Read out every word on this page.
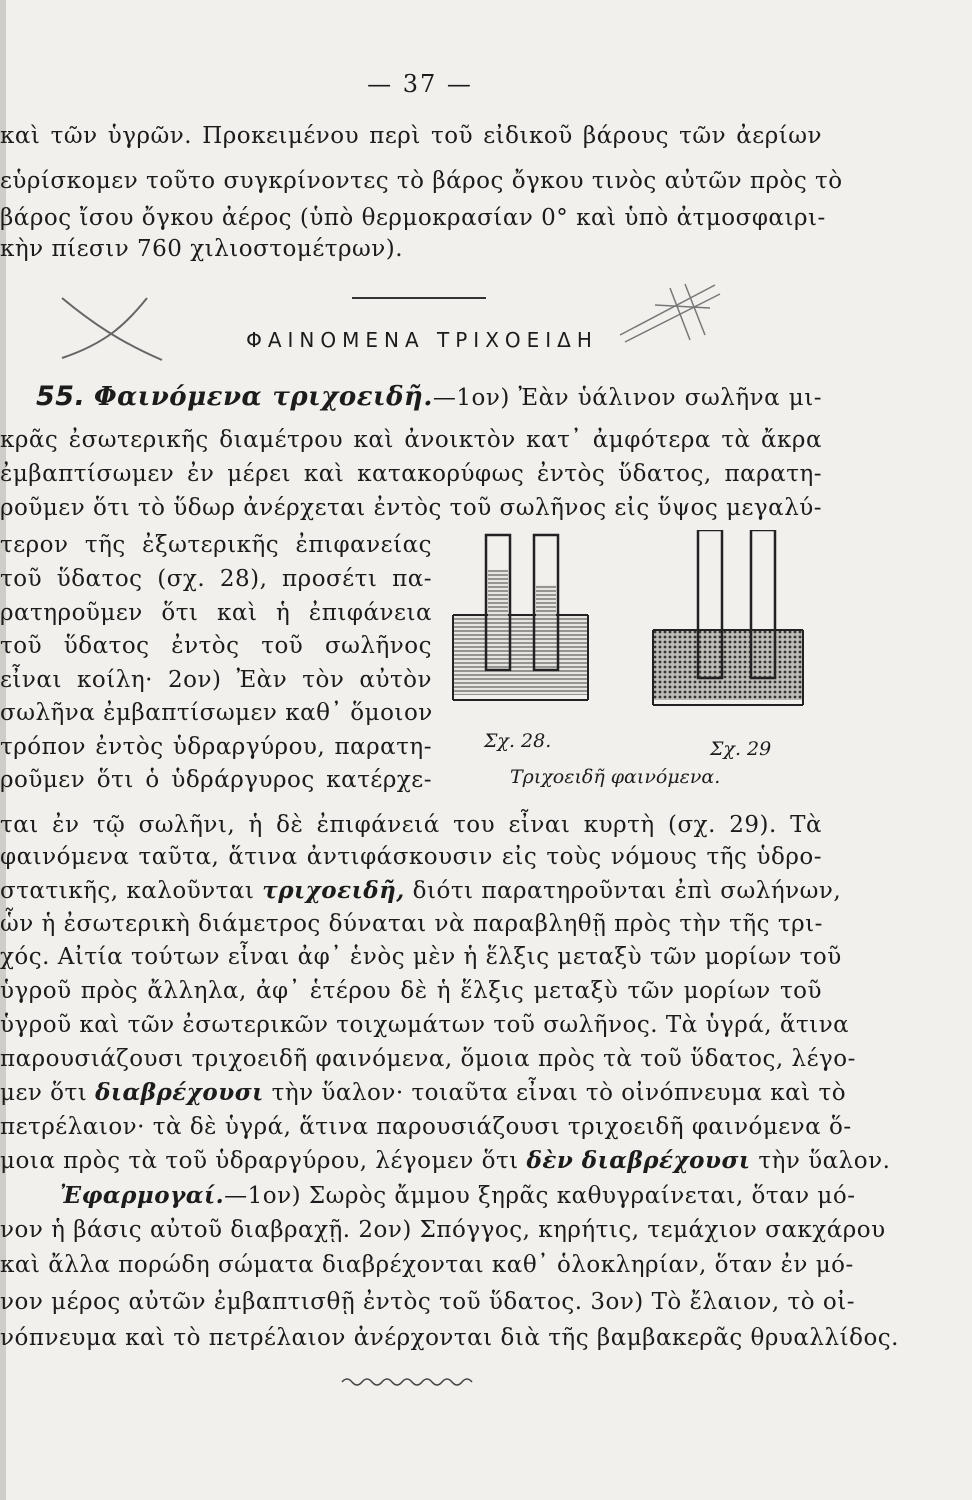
— 37 —
καὶ τῶν ὑγρῶν. Προκειμένου περὶ τοῦ εἰδικοῦ βάρους τῶν ἀερίων
εὑρίσκομεν τοῦτο συγκρίνοντες τὸ βάρος ὄγκου τινὸς αὐτῶν πρὸς τὸ
βάρος ἴσου ὄγκου ἀέρος (ὑπὸ θερμοκρασίαν 0° καὶ ὑπὸ ἀτμοσφαιρι-
κὴν πίεσιν 760 χιλιοστομέτρων).
ΦΑΙΝΟΜΕΝΑ ΤΡΙΧΟΕΙΔΗ
55. Φαινόμενα τριχοειδῆ.—1ον) Ἐὰν ὑάλινον σωλῆνα μι-
κρᾶς ἐσωτερικῆς διαμέτρου καὶ ἀνοικτὸν κατ᾽ ἀμφότερα τὰ ἄκρα
ἐμβαπτίσωμεν ἐν μέρει καὶ κατακορύφως ἐντὸς ὕδατος, παρατη-
ροῦμεν ὅτι τὸ ὕδωρ ἀνέρχεται ἐντὸς τοῦ σωλῆνος εἰς ὕψος μεγαλύ-
τερον τῆς ἐξωτερικῆς ἐπιφανείας
τοῦ ὕδατος (σχ. 28), προσέτι πα-
ρατηροῦμεν ὅτι καὶ ἡ ἐπιφάνεια
τοῦ ὕδατος ἐντὸς τοῦ σωλῆνος
εἶναι κοίλη· 2ον) Ἐὰν τὸν αὐτὸν
σωλῆνα ἐμβαπτίσωμεν καθ᾽ ὅμοιον
τρόπον ἐντὸς ὑδραργύρου, παρατη-
ροῦμεν ὅτι ὁ ὑδράργυρος κατέρχε-
Σχ. 28.	Σχ. 29
Τριχοειδῆ φαινόμενα.
ται ἐν τῷ σωλῆνι, ἡ δὲ ἐπιφάνειά του εἶναι κυρτὴ (σχ. 29). Τὰ
φαινόμενα ταῦτα, ἅτινα ἀντιφάσκουσιν εἰς τοὺς νόμους τῆς ὑδρο-
στατικῆς, καλοῦνται τριχοειδῆ, διότι παρατηροῦνται ἐπὶ σωλήνων,
ὧν ἡ ἐσωτερικὴ διάμετρος δύναται νὰ παραβληθῇ πρὸς τὴν τῆς τρι-
χός. Αἰτία τούτων εἶναι ἀφ᾽ ἑνὸς μὲν ἡ ἕλξις μεταξὺ τῶν μορίων τοῦ
ὑγροῦ πρὸς ἄλληλα, ἀφ᾽ ἑτέρου δὲ ἡ ἕλξις μεταξὺ τῶν μορίων τοῦ
ὑγροῦ καὶ τῶν ἐσωτερικῶν τοιχωμάτων τοῦ σωλῆνος. Τὰ ὑγρά, ἅτινα
παρουσιάζουσι τριχοειδῆ φαινόμενα, ὅμοια πρὸς τὰ τοῦ ὕδατος, λέγο-
μεν ὅτι διαβρέχουσι τὴν ὕαλον· τοιαῦτα εἶναι τὸ οἰνόπνευμα καὶ τὸ
πετρέλαιον· τὰ δὲ ὑγρά, ἅτινα παρουσιάζουσι τριχοειδῆ φαινόμενα ὅ-
μοια πρὸς τὰ τοῦ ὑδραργύρου, λέγομεν ὅτι δὲν διαβρέχουσι τὴν ὕαλον.
Ἐφαρμογαί.—1ον) Σωρὸς ἄμμου ξηρᾶς καθυγραίνεται, ὅταν μό-
νον ἡ βάσις αὐτοῦ διαβραχῇ. 2ον) Σπόγγος, κηρήτις, τεμάχιον σακχάρου
καὶ ἄλλα πορώδη σώματα διαβρέχονται καθ᾽ ὁλοκληρίαν, ὅταν ἐν μό-
νον μέρος αὐτῶν ἐμβαπτισθῇ ἐντὸς τοῦ ὕδατος. 3ον) Τὸ ἔλαιον, τὸ οἰ-
νόπνευμα καὶ τὸ πετρέλαιον ἀνέρχονται διὰ τῆς βαμβακερᾶς θρυαλλίδος.
